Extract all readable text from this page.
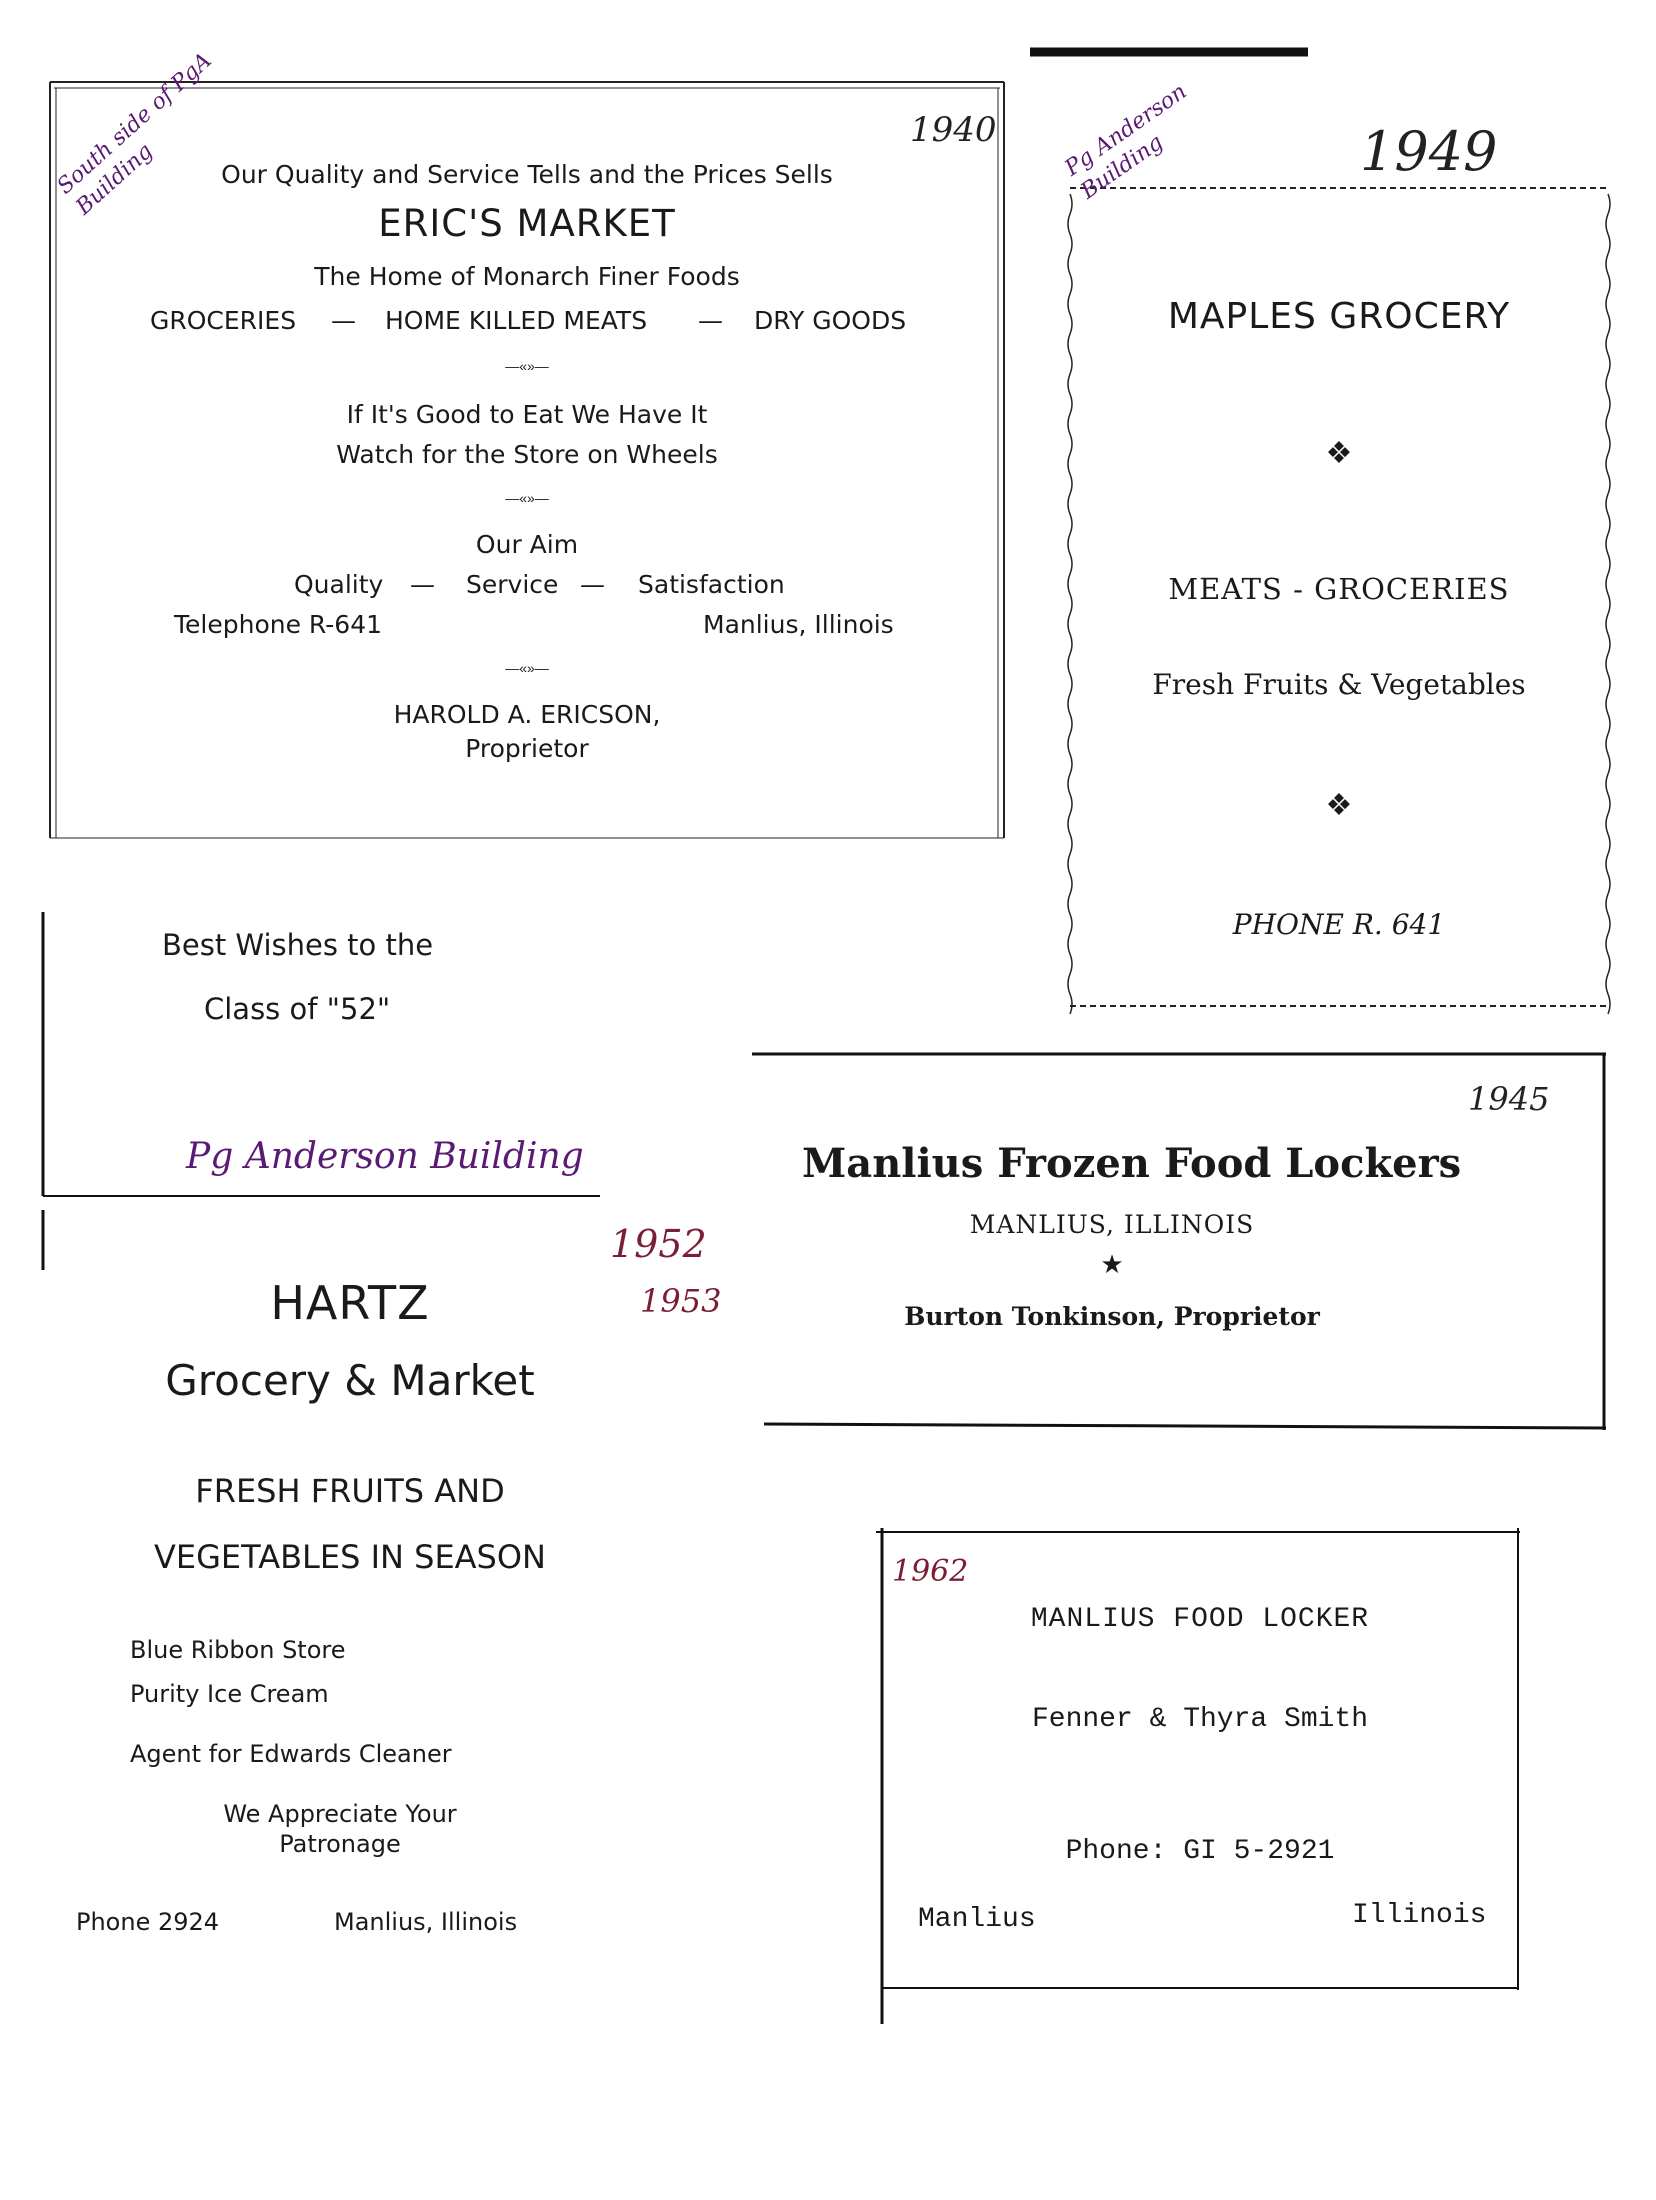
Our Quality and Service Tells and the Prices Sells
ERIC'S MARKET
The Home of Monarch Finer Foods
GROCERIES — HOME KILLED MEATS — DRY GOODS
—«»—
If It's Good to Eat We Have It
Watch for the Store on Wheels
—«»—
Our Aim
Quality — Service — Satisfaction
Telephone R-641	Manlius, Illinois
—«»—
HAROLD A. ERICSON,
Proprietor
South side of PgA Building
1940
MAPLES GROCERY
❖
MEATS - GROCERIES
Fresh Fruits & Vegetables
❖
PHONE R. 641
Pg Anderson Building	1949
Best Wishes to the
Class of "52"
Pg Anderson Building
HARTZ
Grocery & Market
FRESH FRUITS AND
VEGETABLES IN SEASON
Blue Ribbon Store
Purity Ice Cream
Agent for Edwards Cleaner
We Appreciate Your
Patronage
Phone 2924	Manlius, Illinois
1952
1953
Manlius Frozen Food Lockers
MANLIUS, ILLINOIS
★
Burton Tonkinson, Proprietor
1945
MANLIUS FOOD LOCKER
Fenner & Thyra Smith
Phone: GI 5-2921
Manlius	Illinois
1962
